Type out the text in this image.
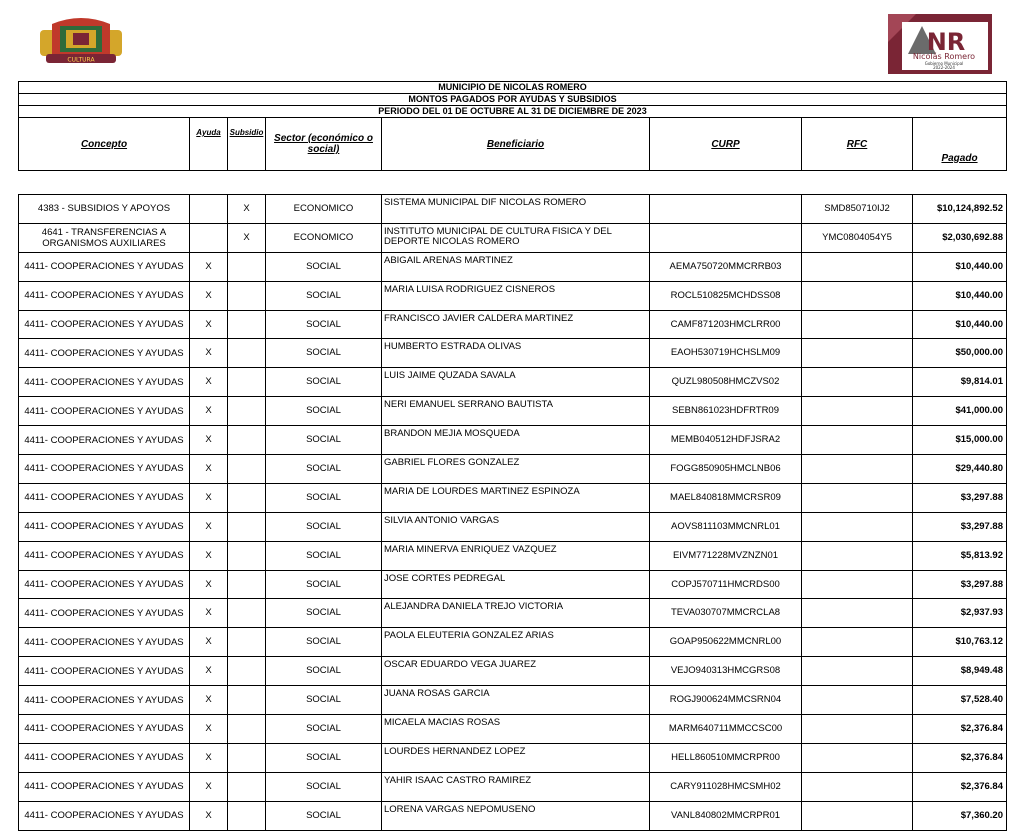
CULTURA
NR
Nicolás Romero
Gobierno Municipal
2022-2024
MUNICIPIO DE NICOLAS ROMERO
MONTOS PAGADOS POR AYUDAS Y SUBSIDIOS
PERIODO DEL 01 DE OCTUBRE AL 31 DE DICIEMBRE DE 2023
Concepto	Ayuda	Subsidio	Sector (económico o social)	Beneficiario	CURP	RFC	Pagado
4383 - SUBSIDIOS Y APOYOS		X	ECONOMICO	SISTEMA MUNICIPAL DIF NICOLAS ROMERO		SMD850710IJ2	$10,124,892.52
4641 - TRANSFERENCIAS A ORGANISMOS AUXILIARES		X	ECONOMICO	INSTITUTO MUNICIPAL DE CULTURA FISICA Y DEL DEPORTE NICOLAS ROMERO		YMC0804054Y5	$2,030,692.88
4411- COOPERACIONES Y AYUDAS	X		SOCIAL	ABIGAIL ARENAS MARTINEZ	AEMA750720MMCRRB03		$10,440.00
4411- COOPERACIONES Y AYUDAS	X		SOCIAL	MARIA LUISA RODRIGUEZ CISNEROS	ROCL510825MCHDSS08		$10,440.00
4411- COOPERACIONES Y AYUDAS	X		SOCIAL	FRANCISCO JAVIER CALDERA MARTINEZ	CAMF871203HMCLRR00		$10,440.00
4411- COOPERACIONES Y AYUDAS	X		SOCIAL	HUMBERTO ESTRADA OLIVAS	EAOH530719HCHSLM09		$50,000.00
4411- COOPERACIONES Y AYUDAS	X		SOCIAL	LUIS JAIME QUZADA SAVALA	QUZL980508HMCZVS02		$9,814.01
4411- COOPERACIONES Y AYUDAS	X		SOCIAL	NERI EMANUEL SERRANO BAUTISTA	SEBN861023HDFRTR09		$41,000.00
4411- COOPERACIONES Y AYUDAS	X		SOCIAL	BRANDON MEJIA MOSQUEDA	MEMB040512HDFJSRA2		$15,000.00
4411- COOPERACIONES Y AYUDAS	X		SOCIAL	GABRIEL FLORES GONZALEZ	FOGG850905HMCLNB06		$29,440.80
4411- COOPERACIONES Y AYUDAS	X		SOCIAL	MARIA DE LOURDES MARTINEZ ESPINOZA	MAEL840818MMCRSR09		$3,297.88
4411- COOPERACIONES Y AYUDAS	X		SOCIAL	SILVIA ANTONIO VARGAS	AOVS811103MMCNRL01		$3,297.88
4411- COOPERACIONES Y AYUDAS	X		SOCIAL	MARIA MINERVA ENRIQUEZ VAZQUEZ	EIVM771228MVZNZN01		$5,813.92
4411- COOPERACIONES Y AYUDAS	X		SOCIAL	JOSE CORTES PEDREGAL	COPJ570711HMCRDS00		$3,297.88
4411- COOPERACIONES Y AYUDAS	X		SOCIAL	ALEJANDRA DANIELA TREJO VICTORIA	TEVA030707MMCRCLA8		$2,937.93
4411- COOPERACIONES Y AYUDAS	X		SOCIAL	PAOLA ELEUTERIA GONZALEZ ARIAS	GOAP950622MMCNRL00		$10,763.12
4411- COOPERACIONES Y AYUDAS	X		SOCIAL	OSCAR EDUARDO VEGA JUAREZ	VEJO940313HMCGRS08		$8,949.48
4411- COOPERACIONES Y AYUDAS	X		SOCIAL	JUANA ROSAS GARCIA	ROGJ900624MMCSRN04		$7,528.40
4411- COOPERACIONES Y AYUDAS	X		SOCIAL	MICAELA MACIAS ROSAS	MARM640711MMCCSC00		$2,376.84
4411- COOPERACIONES Y AYUDAS	X		SOCIAL	LOURDES HERNANDEZ LOPEZ	HELL860510MMCRPR00		$2,376.84
4411- COOPERACIONES Y AYUDAS	X		SOCIAL	YAHIR ISAAC CASTRO RAMIREZ	CARY911028HMCSMH02		$2,376.84
4411- COOPERACIONES Y AYUDAS	X		SOCIAL	LORENA VARGAS NEPOMUSENO	VANL840802MMCRPR01		$7,360.20
